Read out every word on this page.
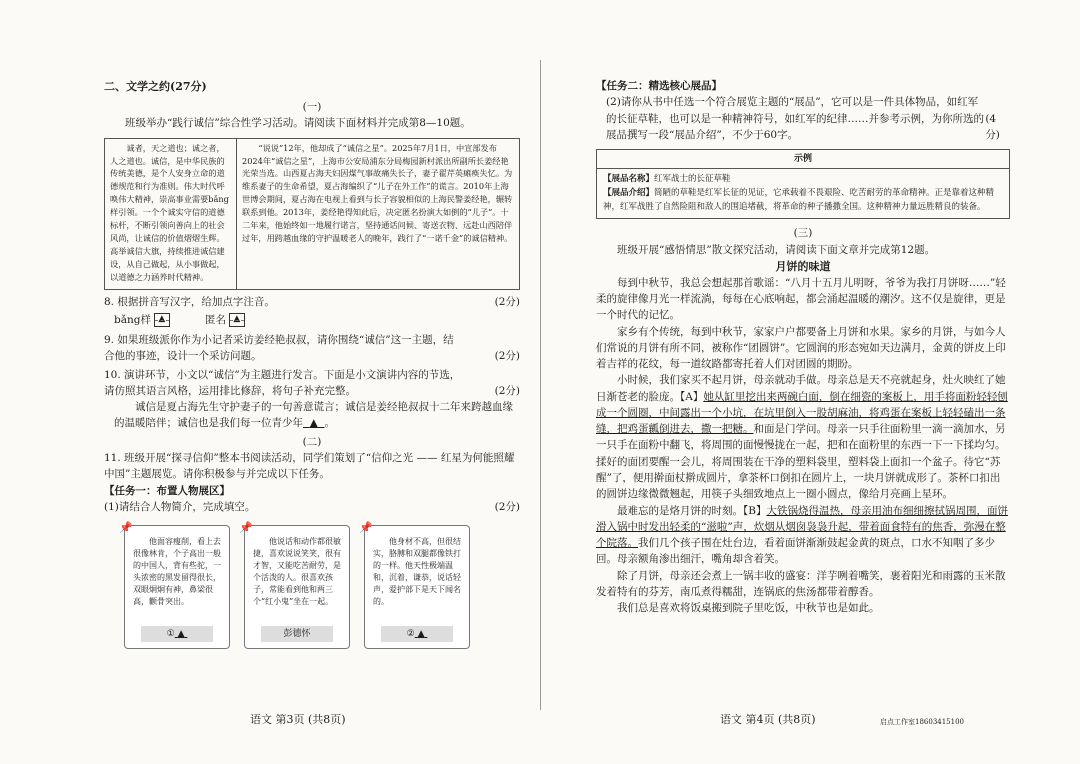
二、文学之约(27分)
(一)
班级举办“践行诚信”综合性学习活动。请阅读下面材料并完成第8—10题。
诚者，天之道也；诚之者，人之道也。诚信，是中华民族的传统美德，是个人安身立命的道德规范和行为准则。伟大时代呼唤伟大精神，崇高事业需要bǎng样引领。一个个诚实守信的道德标杆，不断引领向善向上的社会风尚，让诚信的价值熠熠生辉。高举诚信大旗，持续推进诚信建设，从自己做起，从小事做起，以道德之力涵养时代精神。
“说说”12年，他却成了“诚信之星”。2025年7月1日，中宣部发布2024年“诚信之星”，上海市公安局浦东分局梅园新村派出所副所长姜经艳光荣当选。山西夏占海夫妇因煤气事故痛失长子，妻子翟芹英瘫痪失忆。为维系妻子的生命希望，夏占海编织了“儿子在外工作”的谎言。2010年上海世博会期间，夏占海在电视上看到与长子容貌相似的上海民警姜经艳，辗转联系到他。2013年，姜经艳得知此后，决定匿名扮演大如倒的“儿子”。十二年来，他始终如一地履行诺言，坚持通话问候、寄送衣物、远赴山西陪伴过年，用跨越血缘的守护温暖老人的晚年，践行了“一诺千金”的诚信精神。
8. 根据拼音写汉字，给加点字注音。	(2分)
bǎng样 ▲	匿名 ▲
9. 如果班级派你作为小记者采访姜经艳叔叔，请你围绕“诚信”这一主题，结合他的事迹，设计一个采访问题。	(2分)
10. 演讲环节，小文以“诚信”为主题进行发言。下面是小文演讲内容的节选，请仿照其语言风格，运用排比修辞，将句子补充完整。	(2分)
诚信是夏占海先生守护妻子的一句善意谎言；诚信是姜经艳叔叔十二年来跨越血缘的温暖陪伴；诚信也是我们每一位青少年 ▲ 。
(二)
11. 班级开展“探寻信仰”整本书阅读活动，同学们策划了“信仰之光 —— 红星为何能照耀中国”主题展览。请你积极参与并完成以下任务。
【任务一：布置人物展区】
(1)请结合人物简介，完成填空。	(2分)
📌
他面容瘦削，看上去很像林肯，个子高出一般的中国人，背有些驼，一头浓密的黑发留得很长，双眼炯炯有神，鼻梁很高，颧骨突出。
① ▲
📌
他说话和动作都很敏捷，喜欢说说笑笑，很有才智，又能吃苦耐劳，是个活泼的人。很喜欢孩子，常能看到他和两三个“红小鬼”坐在一起。
彭德怀
📌
他身材不高，但很结实，胳膊和双腿都像铁打的一样。他天性极端温和，沉着，谦恭，说话轻声，爱护部下是天下闻名的。
② ▲
语文 第3页 (共8页)
【任务二：精选核心展品】
(2)请你从书中任选一个符合展览主题的“展品”，它可以是一件具体物品，如红军的长征草鞋，也可以是一种精神符号，如红军的纪律……并参考示例，为你所选的展品撰写一段“展品介绍”，不少于60字。
(4分)
示例
【展品名称】红军战士的长征草鞋
【展品介绍】简陋的草鞋是红军长征的见证，它承载着不畏艰险、吃苦耐劳的革命精神。正是靠着这种精神，红军战胜了自然险阻和敌人的围追堵截，将革命的种子播撒全国。这种精神力量远胜精良的装备。
(三)
班级开展“感悟情思”散文探究活动，请阅读下面文章并完成第12题。
月饼的味道
每到中秋节，我总会想起那首歌谣：“八月十五月儿明呀，爷爷为我打月饼呀……”轻柔的旋律像月光一样流淌，每每在心底响起，都会涌起温暖的潮汐。这不仅是旋律，更是一个时代的记忆。
家乡有个传统，每到中秋节，家家户户都要备上月饼和水果。家乡的月饼，与如今人们常说的月饼有所不同，被称作“团圆饼”。它圆润的形态宛如天边满月，金黄的饼皮上印着吉祥的花纹，每一道纹路都寄托着人们对团圆的期盼。
小时候，我们家买不起月饼，母亲就动手做。母亲总是天不亮就起身，灶火映红了她日渐苍老的脸庞。【A】她从缸里挖出来两碗白面，倒在细瓷的案板上，用手将面粉轻轻刨成一个圆圈，中间露出一个小坑，在坑里倒入一股胡麻油，将鸡蛋在案板上轻轻磕出一条缝，把鸡蛋瓤倒进去，撒一把糖。和面是门学问。母亲一只手往面粉里一滴一滴加水，另一只手在面粉中翻飞，将周围的面慢慢拢在一起，把和在面粉里的东西一下一下揉均匀。揉好的面团要醒一会儿，将周围装在干净的塑料袋里，塑料袋上面扣一个盆子。待它“苏醒”了，便用擀面杖擀成圆片，拿茶杯口倒扣在圆片上，一块月饼就成形了。茶杯口扣出的圆饼边缘微微翘起，用筷子头细致地点上一圈小圆点，像给月亮画上星环。
最难忘的是烙月饼的时刻。【B】大铁锅烧得温热，母亲用油布细细擦拭锅周围，面饼滑入锅中时发出轻柔的“滋啦”声，炊烟从烟囱袅袅升起，带着面食特有的焦香，弥漫在整个院落。我们几个孩子围在灶台边，看着面饼渐渐鼓起金黄的斑点，口水不知咽了多少回。母亲额角渗出细汗，嘴角却含着笑。
除了月饼，母亲还会煮上一锅丰收的盛宴：洋芋咧着嘴笑，裹着阳光和雨露的玉米散发着特有的芬芳，南瓜煮得糯甜，连锅底的焦汤都带着醇香。
我们总是喜欢将饭桌搬到院子里吃饭，中秋节也是如此。
语文 第4页 (共8页)	启点工作室18603415100
